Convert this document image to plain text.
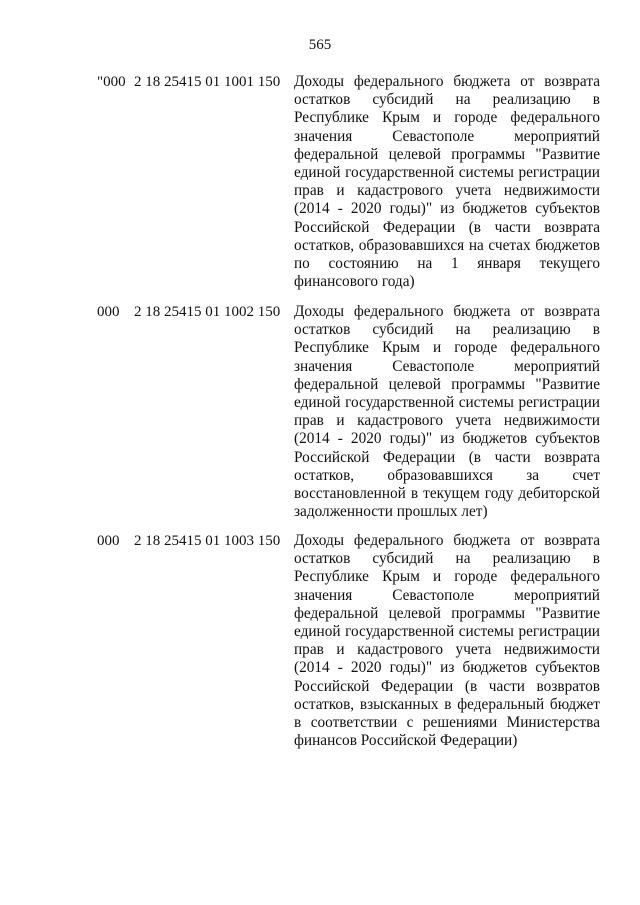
565
"000 2 18 25415 01 1001 150 Доходы федерального бюджета от возврата остатков субсидий на реализацию в Республике Крым и городе федерального значения Севастополе мероприятий федеральной целевой программы "Развитие единой государственной системы регистрации прав и кадастрового учета недвижимости (2014 - 2020 годы)" из бюджетов субъектов Российской Федерации (в части возврата остатков, образовавшихся на счетах бюджетов по состоянию на 1 января текущего финансового года)
000 2 18 25415 01 1002 150 Доходы федерального бюджета от возврата остатков субсидий на реализацию в Республике Крым и городе федерального значения Севастополе мероприятий федеральной целевой программы "Развитие единой государственной системы регистрации прав и кадастрового учета недвижимости (2014 - 2020 годы)" из бюджетов субъектов Российской Федерации (в части возврата остатков, образовавшихся за счет восстановленной в текущем году дебиторской задолженности прошлых лет)
000 2 18 25415 01 1003 150 Доходы федерального бюджета от возврата остатков субсидий на реализацию в Республике Крым и городе федерального значения Севастополе мероприятий федеральной целевой программы "Развитие единой государственной системы регистрации прав и кадастрового учета недвижимости (2014 - 2020 годы)" из бюджетов субъектов Российской Федерации (в части возвратов остатков, взысканных в федеральный бюджет в соответствии с решениями Министерства финансов Российской Федерации)
